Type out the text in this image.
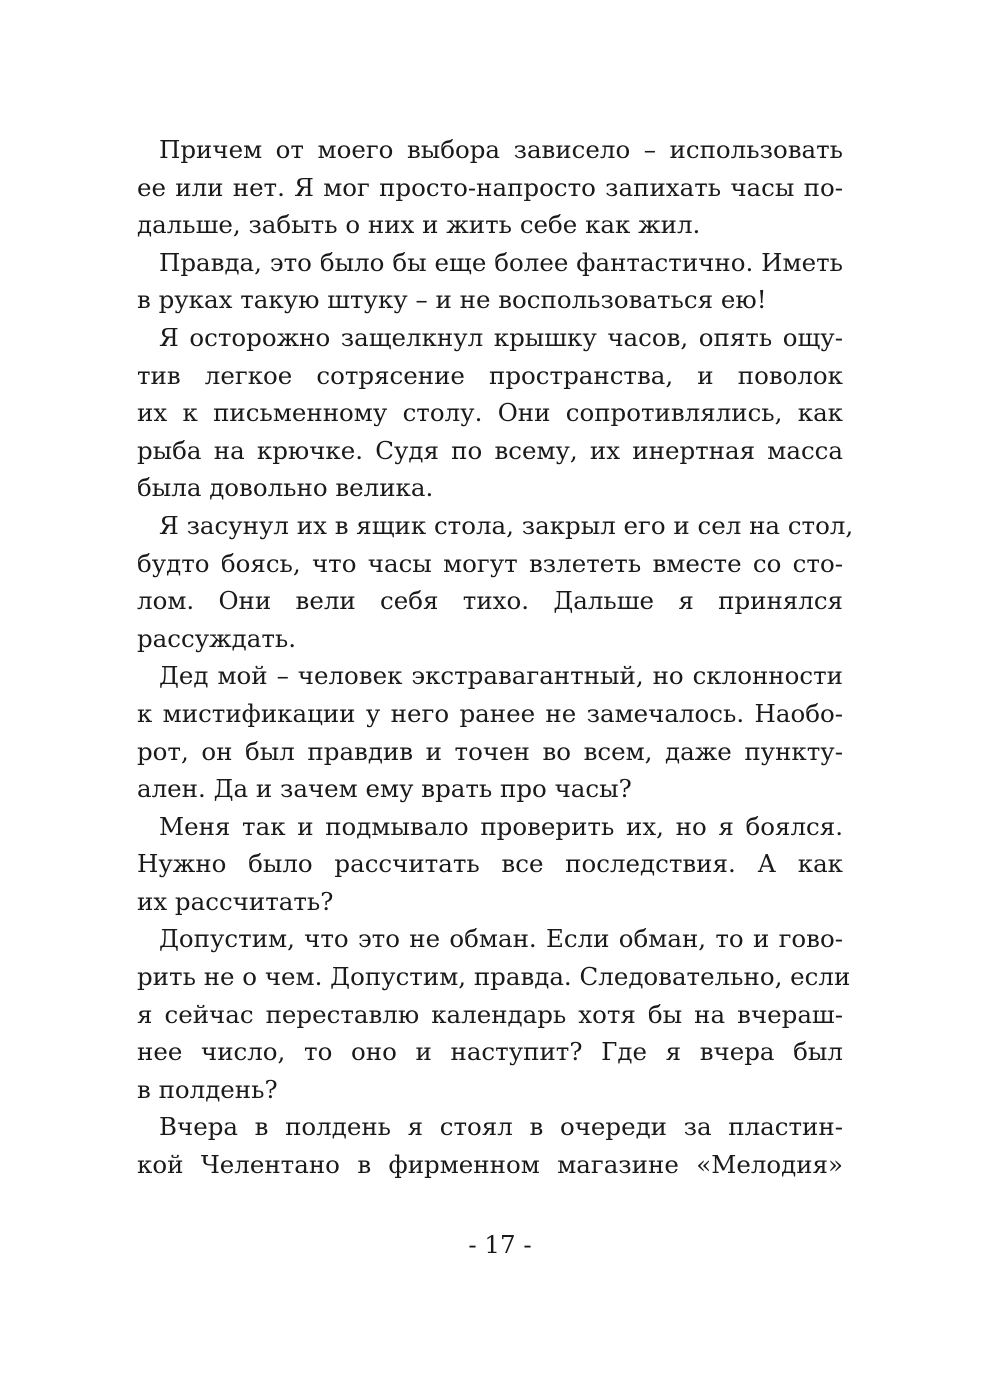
Причем от моего выбора зависело – использовать
ее или нет. Я мог просто-напросто запихать часы по-
дальше, забыть о них и жить себе как жил.
Правда, это было бы еще более фантастично. Иметь
в руках такую штуку – и не воспользоваться ею!
Я осторожно защелкнул крышку часов, опять ощу-
тив легкое сотрясение пространства, и поволок
их к письменному столу. Они сопротивлялись, как
рыба на крючке. Судя по всему, их инертная масса
была довольно велика.
Я засунул их в ящик стола, закрыл его и сел на стол,
будто боясь, что часы могут взлететь вместе со сто-
лом. Они вели себя тихо. Дальше я принялся
рассуждать.
Дед мой – человек экстравагантный, но склонности
к мистификации у него ранее не замечалось. Наобо-
рот, он был правдив и точен во всем, даже пункту-
ален. Да и зачем ему врать про часы?
Меня так и подмывало проверить их, но я боялся.
Нужно было рассчитать все последствия. А как
их рассчитать?
Допустим, что это не обман. Если обман, то и гово-
рить не о чем. Допустим, правда. Следовательно, если
я сейчас переставлю календарь хотя бы на вчераш-
нее число, то оно и наступит? Где я вчера был
в полдень?
Вчера в полдень я стоял в очереди за пластин-
кой Челентано в фирменном магазине «Мелодия»
- 17 -
